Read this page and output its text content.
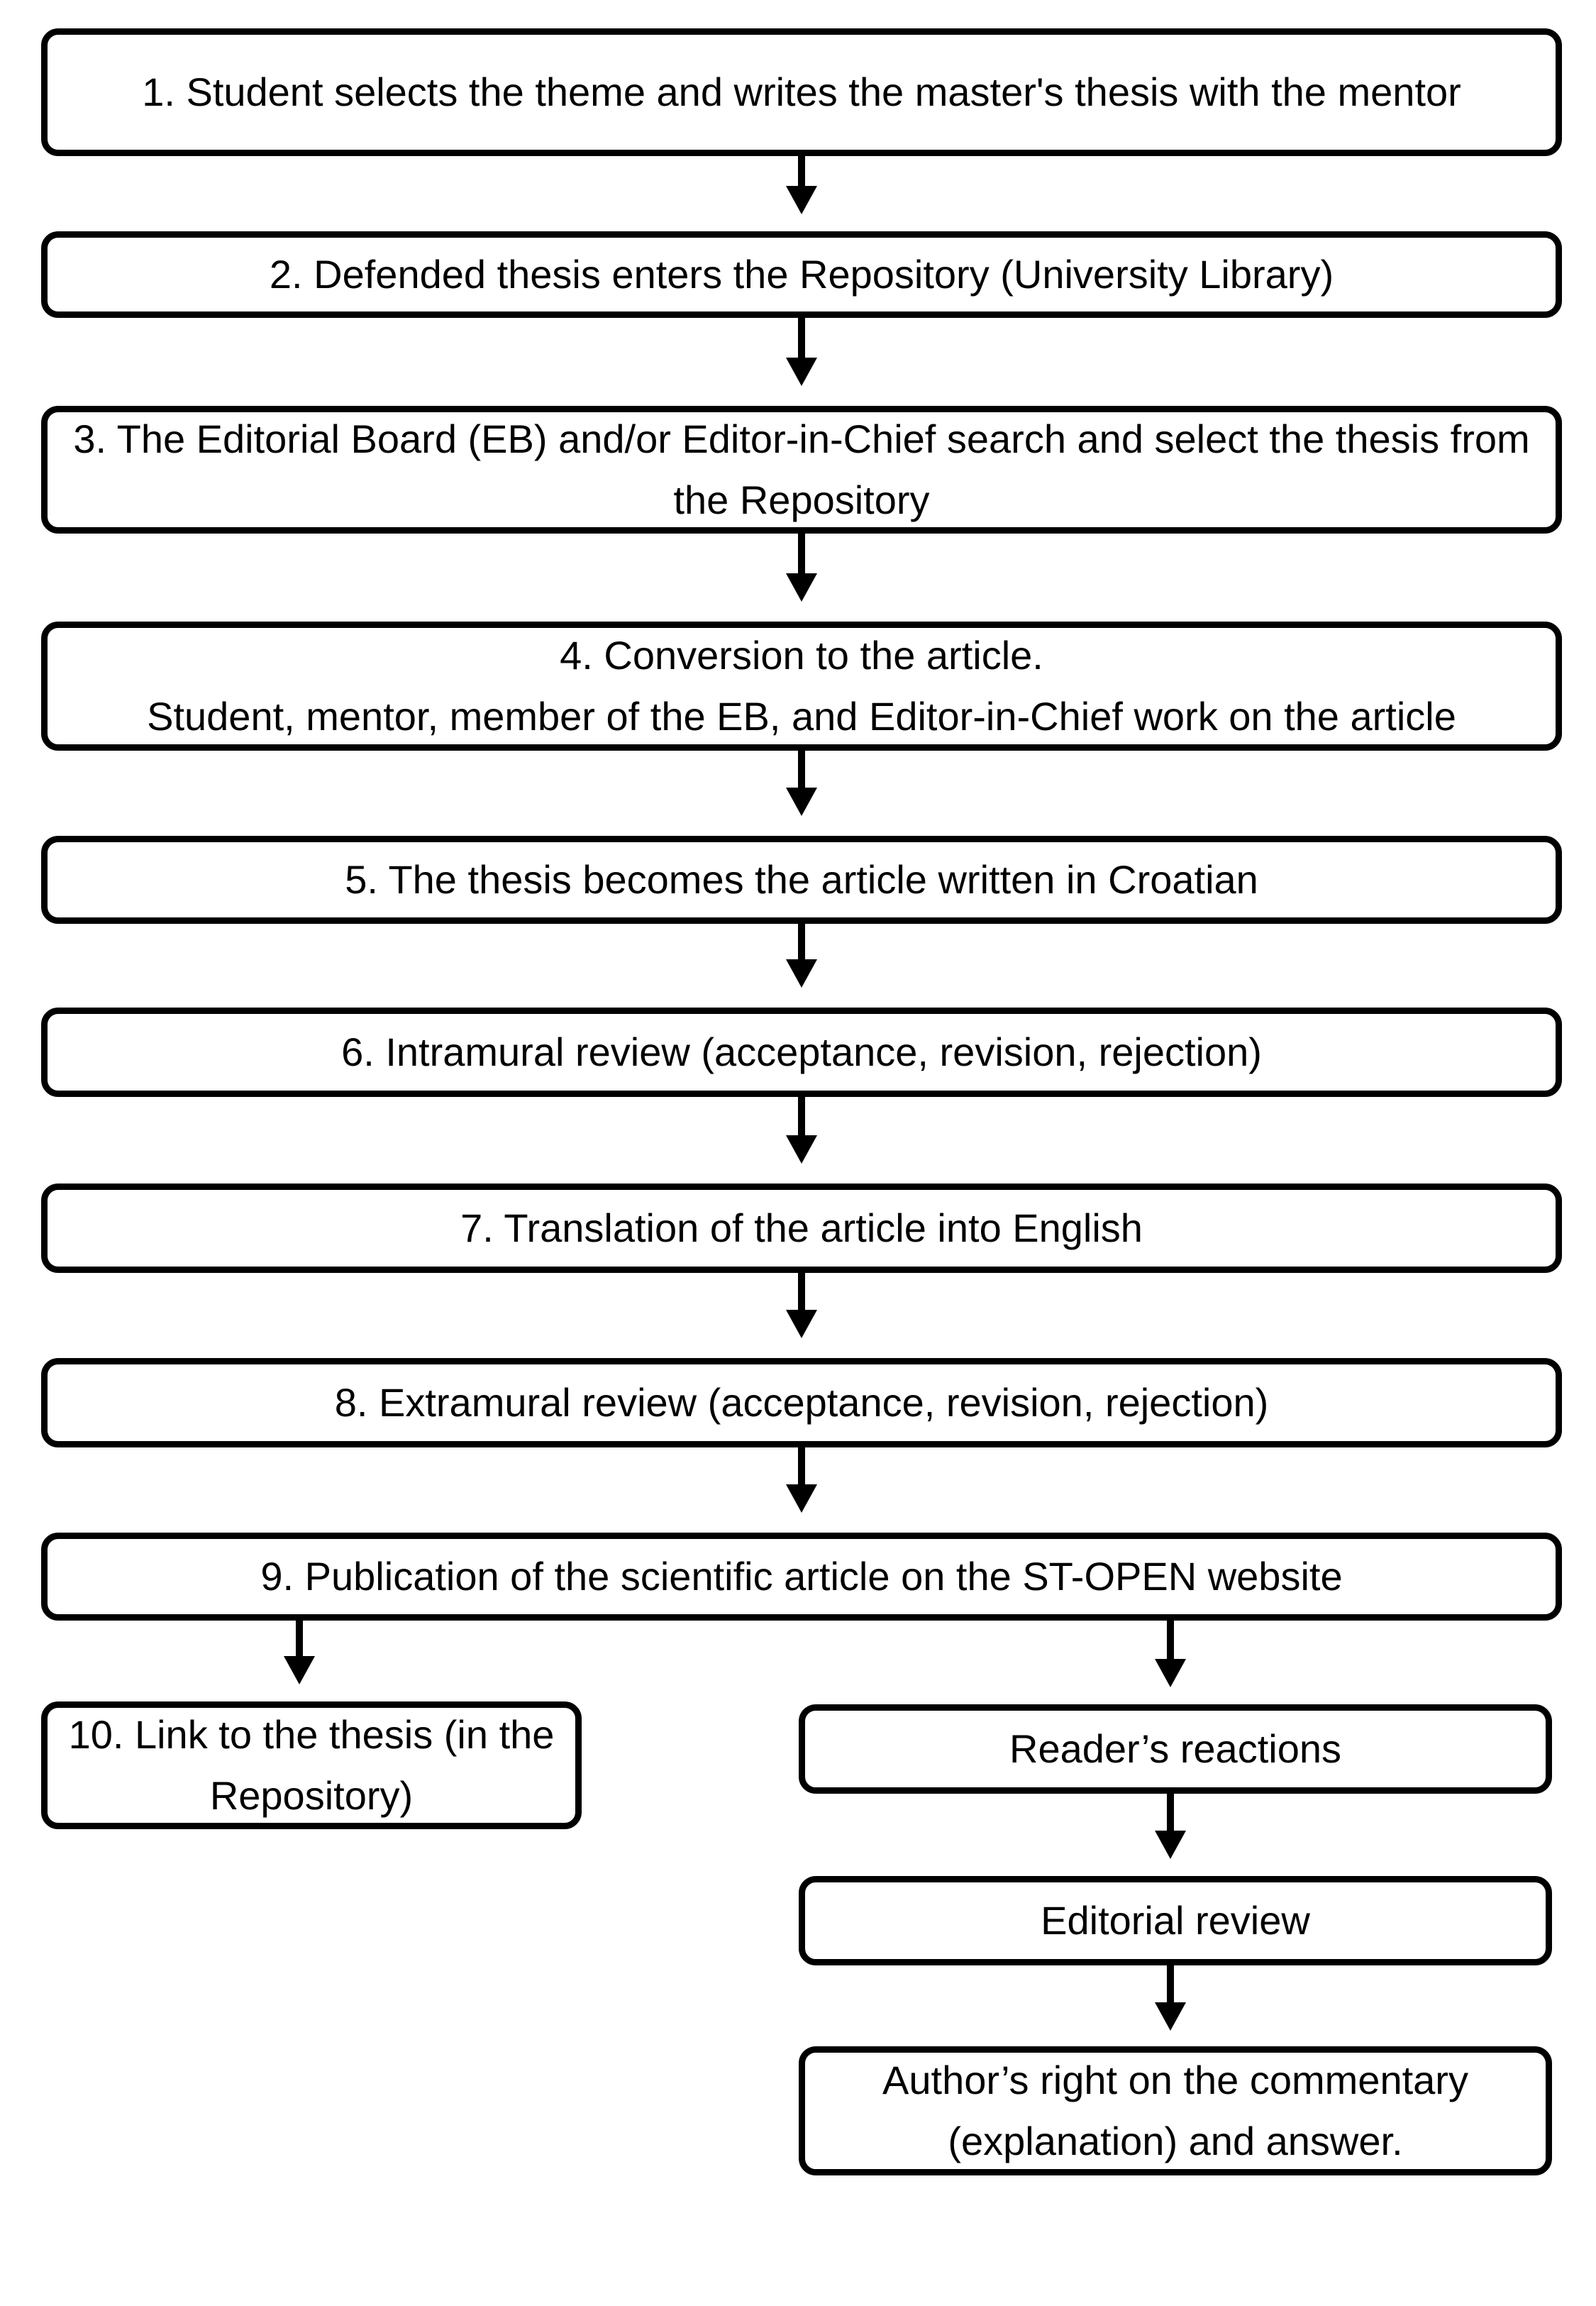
1. Student selects the theme and writes the master's thesis with the mentor
2. Defended thesis enters the Repository (University Library)
3. The Editorial Board (EB) and/or Editor-in-Chief search and select the thesis from the Repository
4. Conversion to the article.
Student, mentor, member of the EB, and Editor-in-Chief work on the article
5. The thesis becomes the article written in Croatian
6. Intramural review (acceptance, revision, rejection)
7. Translation of the article into English
8. Extramural review (acceptance, revision, rejection)
9. Publication of the scientific article on the ST-OPEN website
10. Link to the thesis (in the Repository)
Reader’s reactions
Editorial review
Author’s right on the commentary
(explanation) and answer.
